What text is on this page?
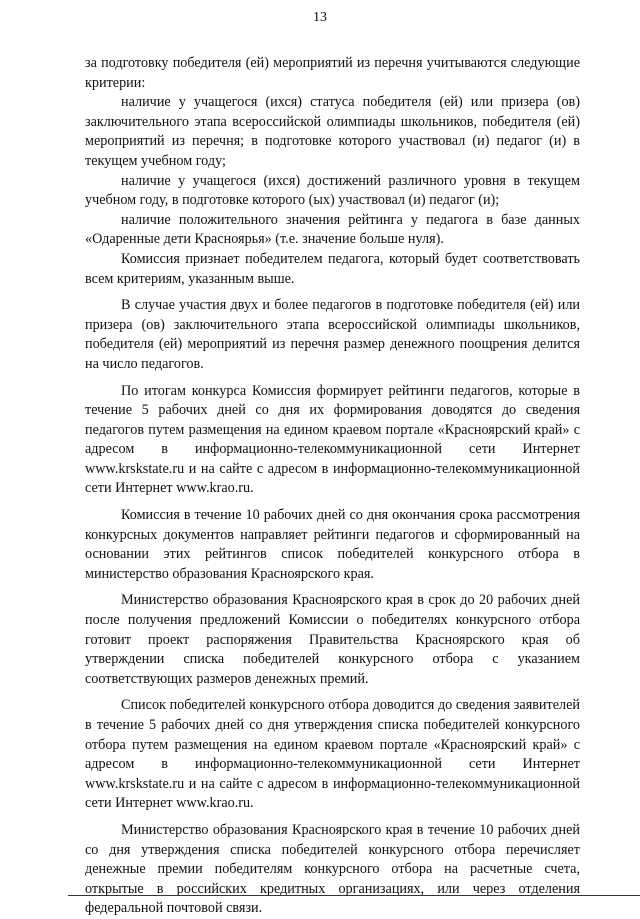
13

за подготовку победителя (ей) мероприятий из перечня учитываются следующие критерии:

наличие у учащегося (ихся) статуса победителя (ей) или призера (ов) заключительного этапа всероссийской олимпиады школьников, победителя (ей) мероприятий из перечня; в подготовке которого участвовал (и) педагог (и) в текущем учебном году;

наличие у учащегося (ихся) достижений различного уровня в текущем учебном году, в подготовке которого (ых) участвовал (и) педагог (и);

наличие положительного значения рейтинга у педагога в базе данных «Одаренные дети Красноярья» (т.е. значение больше нуля).

Комиссия признает победителем педагога, который будет соответствовать всем критериям, указанным выше.

В случае участия двух и более педагогов в подготовке победителя (ей) или призера (ов) заключительного этапа всероссийской олимпиады школьников, победителя (ей) мероприятий из перечня размер денежного поощрения делится на число педагогов.

По итогам конкурса Комиссия формирует рейтинги педагогов, которые в течение 5 рабочих дней со дня их формирования доводятся до сведения педагогов путем размещения на едином краевом портале «Красноярский край» с адресом в информационно-телекоммуникационной сети Интернет www.krskstate.ru и на сайте с адресом в информационно-телекоммуникационной сети Интернет www.krao.ru.

Комиссия в течение 10 рабочих дней со дня окончания срока рассмотрения конкурсных документов направляет рейтинги педагогов и сформированный на основании этих рейтингов список победителей конкурсного отбора в министерство образования Красноярского края.

Министерство образования Красноярского края в срок до 20 рабочих дней после получения предложений Комиссии о победителях конкурсного отбора готовит проект распоряжения Правительства Красноярского края об утверждении списка победителей конкурсного отбора с указанием соответствующих размеров денежных премий.

Список победителей конкурсного отбора доводится до сведения заявителей в течение 5 рабочих дней со дня утверждения списка победителей конкурсного отбора путем размещения на едином краевом портале «Красноярский край» с адресом в информационно-телекоммуникационной сети Интернет www.krskstate.ru и на сайте с адресом в информационно-телекоммуникационной сети Интернет www.krao.ru.

Министерство образования Красноярского края в течение 10 рабочих дней со дня утверждения списка победителей конкурсного отбора перечисляет денежные премии победителям конкурсного отбора на расчетные счета, открытые в российских кредитных организациях, или через отделения федеральной почтовой связи.
